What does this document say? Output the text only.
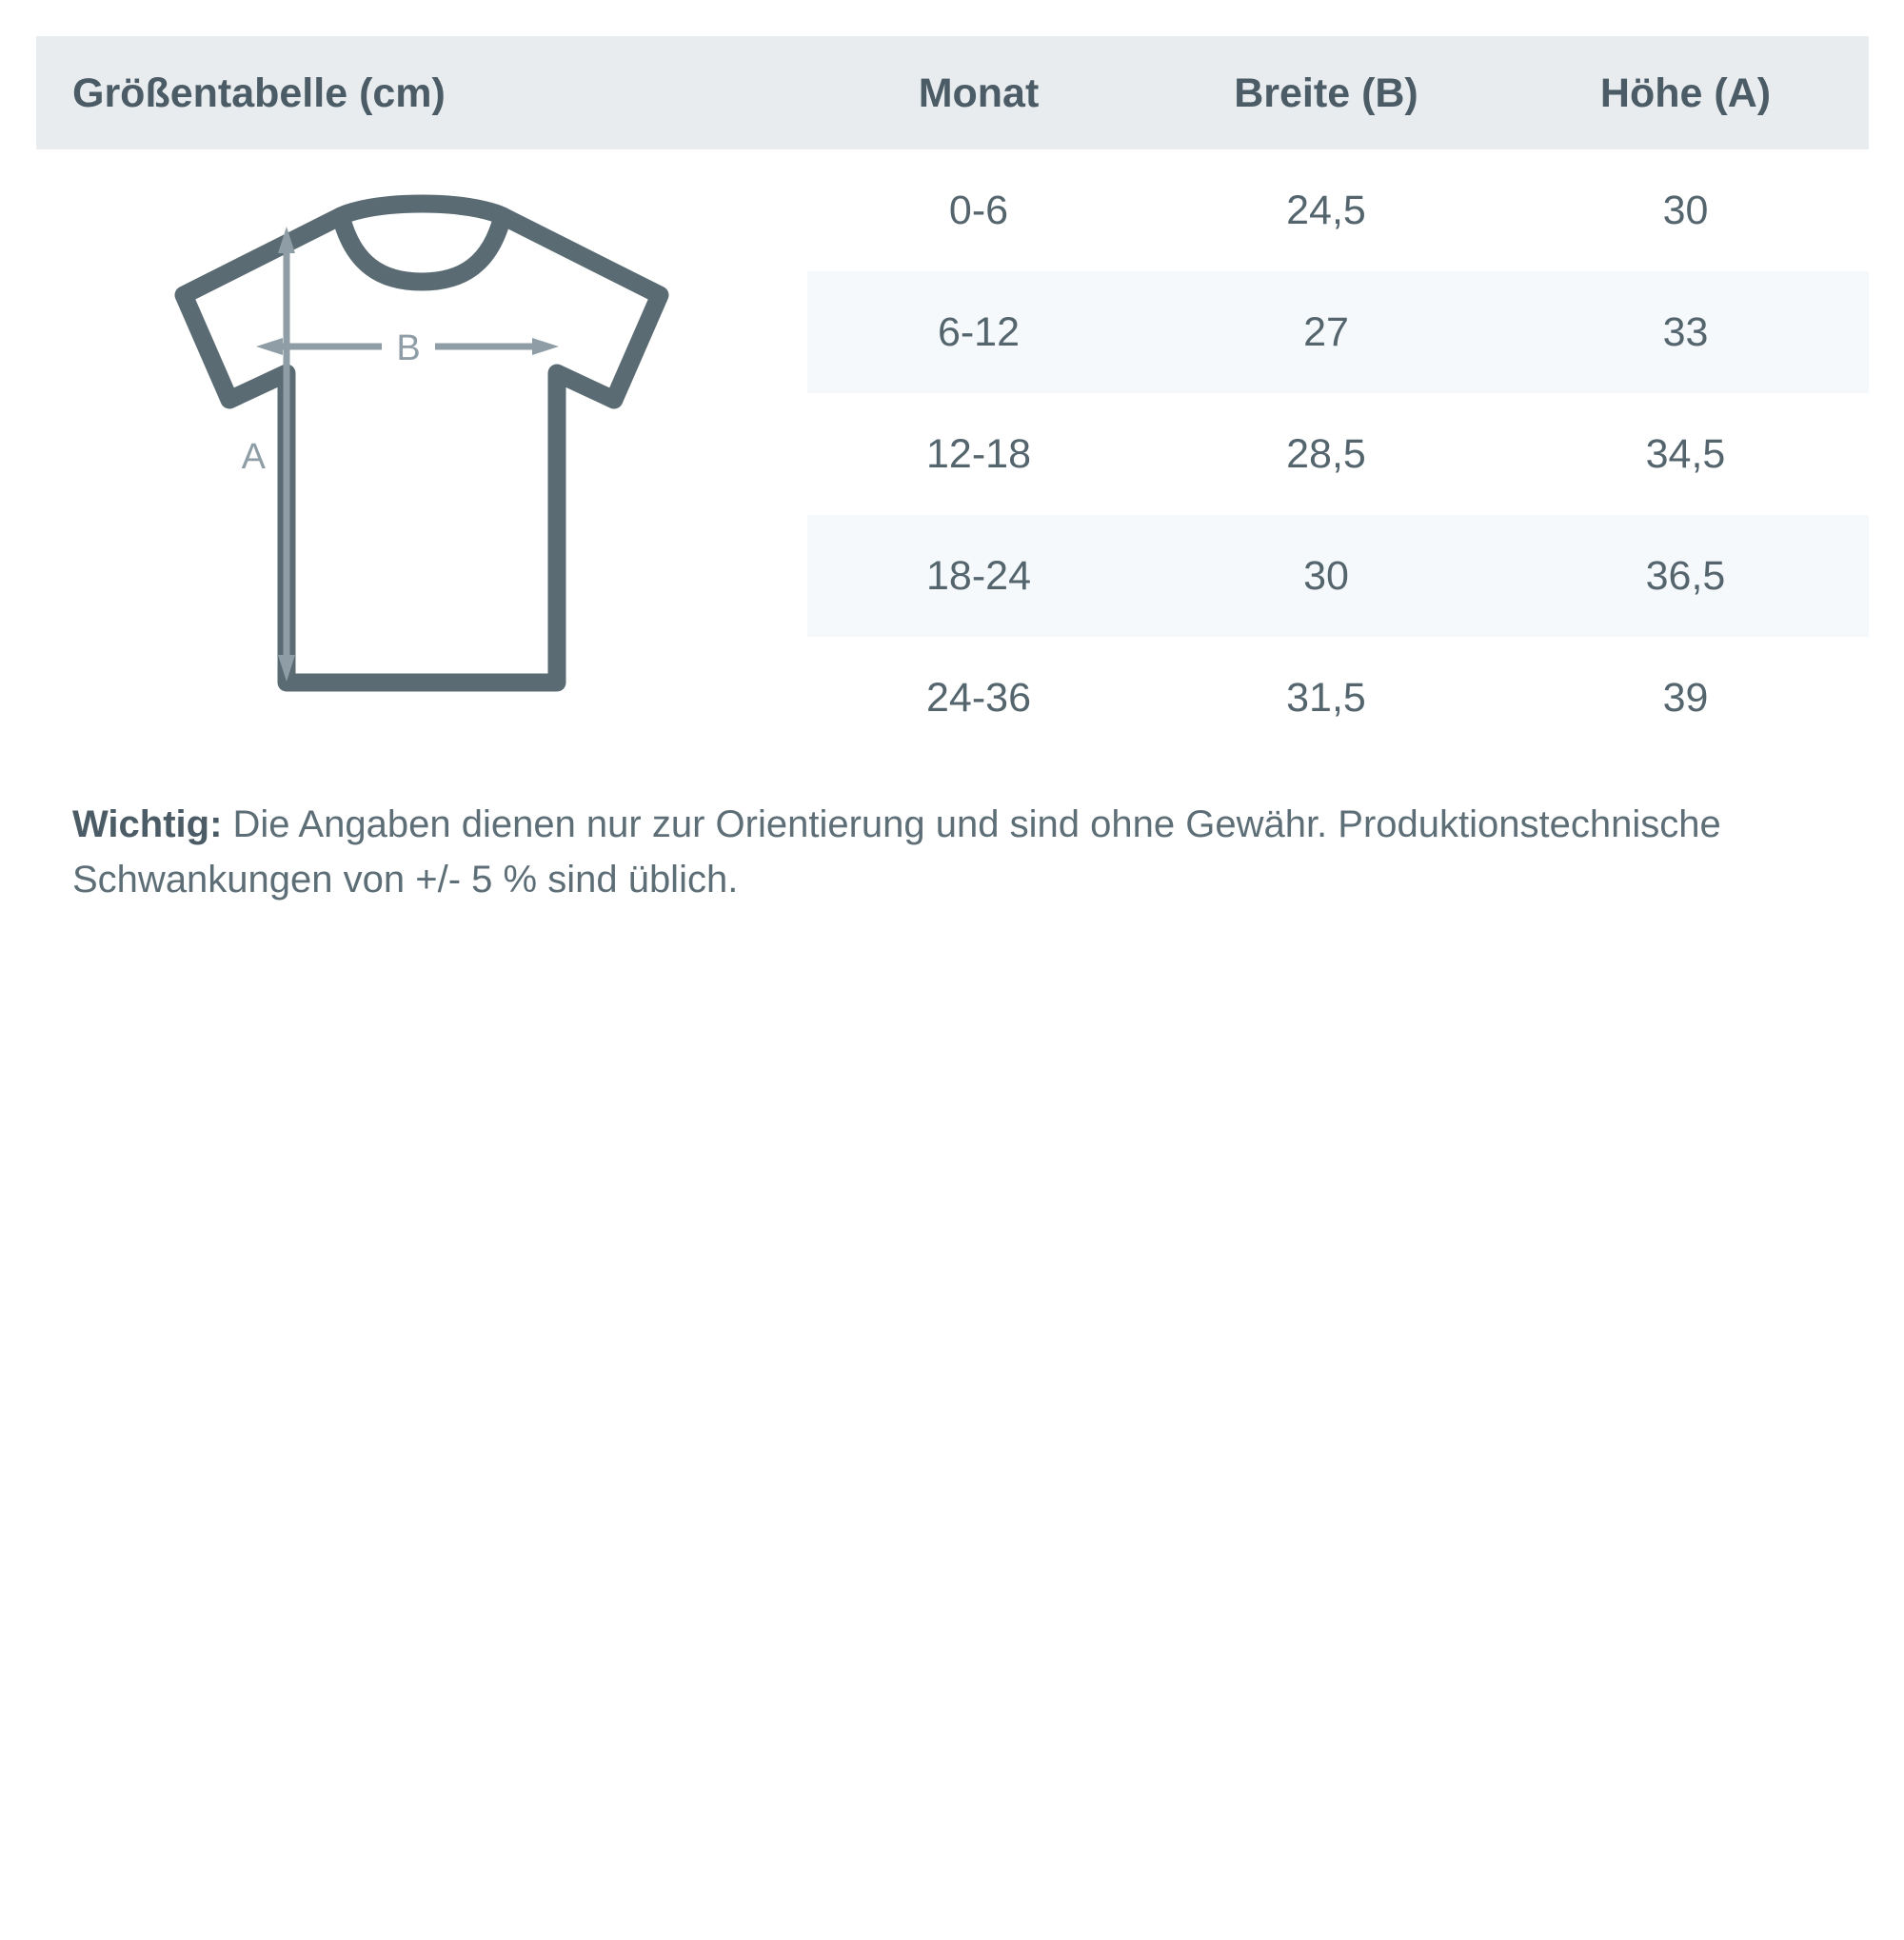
Größentabelle (cm)	Monat	Breite (B)	Höhe (A)

A
B	0-6	24,5	30
	6-12	27	33
	12-18	28,5	34,5
	18-24	30	36,5
	24-36	31,5	39

Wichtig: Die Angaben dienen nur zur Orientierung und sind ohne Gewähr. Produktionstechnische Schwankungen von +/- 5 % sind üblich.
